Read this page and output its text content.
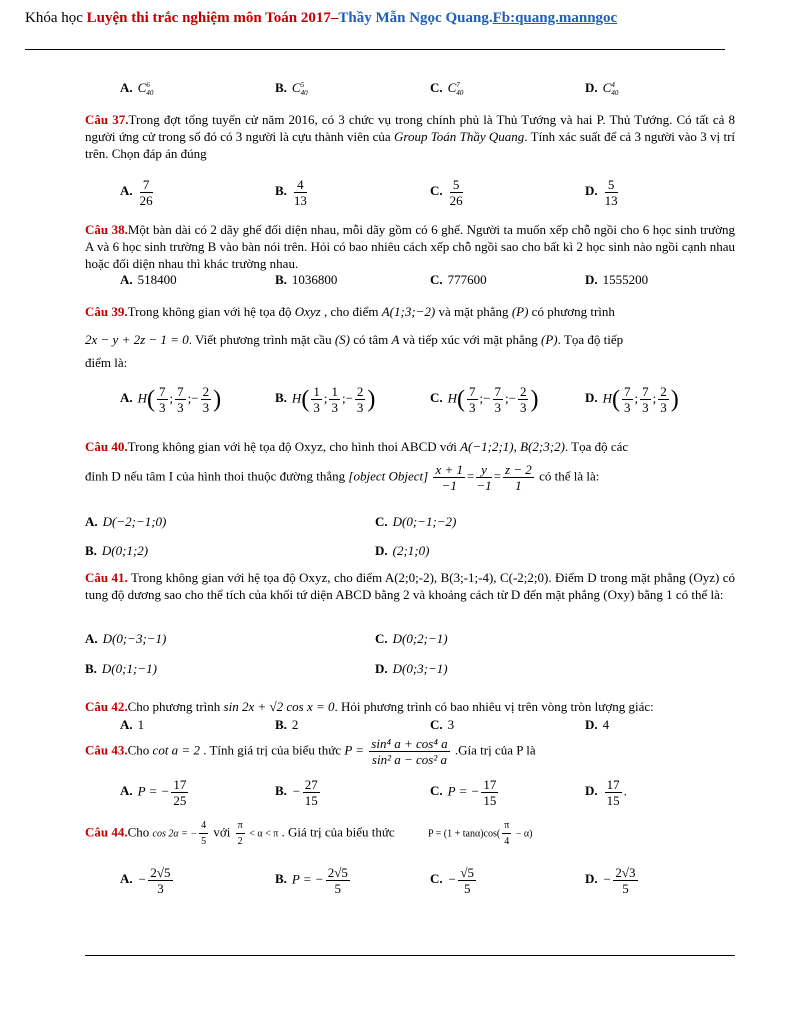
Khóa học Luyện thi trắc nghiệm môn Toán 2017–Thầy Mẫn Ngọc Quang.Fb:quang.manngoc
A. C 6
40	B. C 5
40	C. C 7
40	D. C 4
40
Câu 37.Trong đợt tổng tuyển cử năm 2016, có 3 chức vụ trong chính phủ là Thủ Tướng và hai P. Thủ Tướng. Có tất cả 8 người ứng cử trong số đó có 3 người là cựu thành viên của Group Toán Thầy Quang. Tính xác suất để cả 3 người vào 3 vị trí trên. Chọn đáp án đúng
A. $\frac{7}{26}$	B. $\frac{4}{13}$	C. $\frac{5}{26}$	D. $\frac{5}{13}$
Câu 38.Một bàn dài có 2 dãy ghế đối diện nhau, mỗi dãy gồm có 6 ghế. Người ta muốn xếp chỗ ngồi cho 6 học sinh trường A và 6 học sinh trường B vào bàn nói trên. Hỏi có bao nhiêu cách xếp chỗ ngồi sao cho bất kì 2 học sinh nào ngồi cạnh nhau hoặc đối diện nhau thì khác trường nhau.
A. 518400	B. 1036800	C. 777600	D. 1555200
Câu 39.Trong không gian với hệ tọa độ Oxyz , cho điểm A(1;3;−2) và mặt phẳng (P) có phương trình
2x − y + 2z − 1 = 0. Viết phương trình mặt cầu (S) có tâm A và tiếp xúc với mặt phẳng (P). Tọa độ tiếp
điểm là:
A. $H( \frac{7}{3}$ ; $\frac{7}{3}$ ;− $\frac{2}{3}$ )	B. $H( \frac{1}{3}$ ; $\frac{1}{3}$ ;− $\frac{2}{3}$ )	C. $H( \frac{7}{3}$ ;− $\frac{7}{3}$ ;− $\frac{2}{3}$ )	D. $H( \frac{7}{3}$ ; $\frac{7}{3}$ ; $\frac{2}{3}$ )
Câu 40.Trong không gian với hệ tọa độ Oxyz, cho hình thoi ABCD với A(−1;2;1), B(2;3;2). Tọa độ các
đỉnh D nếu tâm I của hình thoi thuộc đường thẳng [object Object] $\frac{x + 1}{-1} = \frac{y}{-1} = \frac{z - 2}{1}$ có thể là là:
A. D(−2;−1;0)	C. D(0;−1;−2)
B. D(0;1;2)	D. (2;1;0)
Câu 41. Trong không gian với hệ tọa độ Oxyz, cho điểm A(2;0;-2), B(3;-1;-4), C(-2;2;0). Điểm D trong mặt phẳng (Oyz) có tung độ dương sao cho thể tích của khối tứ diện ABCD bằng 2 và khoảng cách từ D đến mặt phẳng (Oxy) bằng 1 có thể là:
A. D(0;−3;−1)	C. D(0;2;−1)
B. D(0;1;−1)	D. D(0;3;−1)
Câu 42.Cho phương trình sin 2x + √2 cos x = 0. Hỏi phương trình có bao nhiêu vị trên vòng tròn lượng giác:
A. 1	B. 2	C. 3	D. 4
Câu 43.Cho cot a = 2 . Tính giá trị của biểu thức $P = \frac{\text{sin⁴ a + cos⁴ a}}{\text{sin² a − cos² a}}$ .Gía trị của P là
A. P = − $\frac{17}{25}$	B. − $\frac{27}{15}$	C. P = − $\frac{17}{15}$	D. $\frac{17}{15}$ .
Câu 44.Cho cos 2α = − $\frac{4}{5}$ với $\frac{\pi}{2} < \alpha < \pi$ . Giá trị của biểu thức	$P = (1 + \tan\alpha)\cos( \frac{\pi}{4} - \alpha)$
A. − $\frac{2√5}{3}$	B. P = − $\frac{2√5}{5}$	C. − $\frac{√5}{5}$	D. − $\frac{2√3}{5}$
